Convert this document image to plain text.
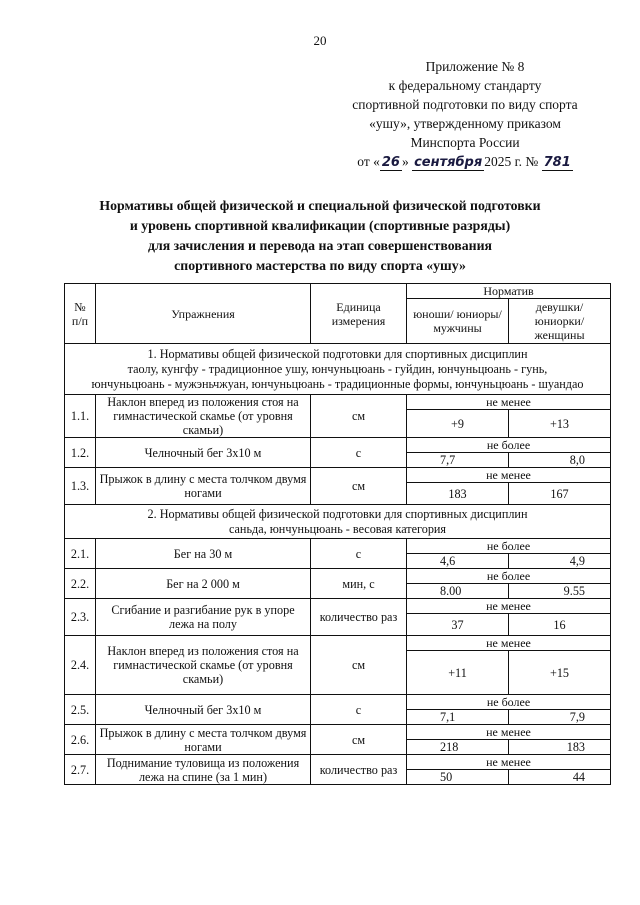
20
Приложение № 8
к федеральному стандарту
спортивной подготовки по виду спорта
«ушу», утвержденному приказом
Минспорта России
от « 26 » сентября 2025 г. № 781
Нормативы общей физической и специальной физической подготовки
и уровень спортивной квалификации (спортивные разряды)
для зачисления и перевода на этап совершенствования
спортивного мастерства по виду спорта «ушу»
№ п/п	Упражнения	Единица измерения	Норматив	
			юноши/ юниоры/ мужчины	девушки/ юниорки/ женщины

1. Нормативы общей физической подготовки для спортивных дисциплин
таолу, кунгфу - традиционное ушу, юнчуньцюань - гуйдин, юнчуньцюань - гунь,
юнчуньцюань - мужэньчжуан, юнчуньцюань - традиционные формы, юнчуньцюань - шуандао				

1.1.	Наклон вперед из положения стоя на гимнастической скамье (от уровня скамьи)	см	не менее	

			+9	+13

1.2.	Челночный бег 3х10 м	с	не более	

			7,7	8,0

1.3.	Прыжок в длину с места толчком двумя ногами	см	не менее	

			183	167

2. Нормативы общей физической подготовки для спортивных дисциплин
саньда, юнчуньцюань - весовая категория				

2.1.	Бег на 30 м	с	не более	

			4,6	4,9

2.2.	Бег на 2 000 м	мин, с	не более	

			8.00	9.55

2.3.	Сгибание и разгибание рук в упоре лежа на полу	количество раз	не менее	

			37	16

2.4.	Наклон вперед из положения стоя на гимнастической скамье (от уровня скамьи)	см	не менее	

			+11	+15

2.5.	Челночный бег 3х10 м	с	не более	

			7,1	7,9

2.6.	Прыжок в длину с места толчком двумя ногами	см	не менее	

			218	183

2.7.	Поднимание туловища из положения лежа на спине (за 1 мин)	количество раз	не менее	

			50	44
